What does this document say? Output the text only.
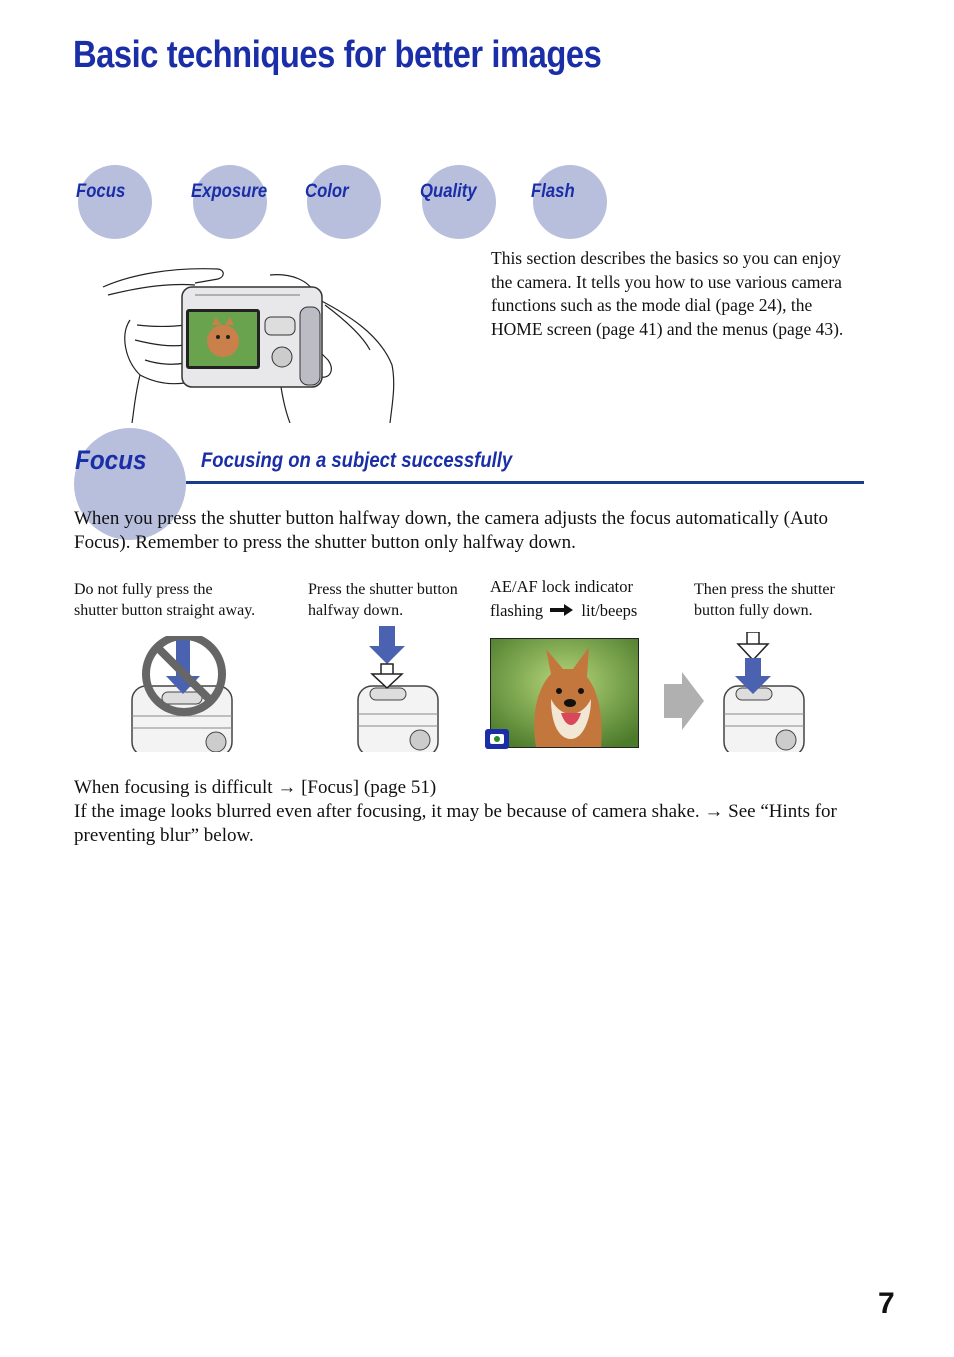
Basic techniques for better images
Focus	Exposure Color	Quality	Flash
This section describes the basics so you can enjoy the camera. It tells you how to use various camera functions such as the mode dial (page 24), the HOME screen (page 41) and the menus (page 43).
Focus	Focusing on a subject successfully
When you press the shutter button halfway down, the camera adjusts the focus automatically (Auto Focus). Remember to press the shutter button only halfway down.
Do not fully press the
shutter button straight away.
Press the shutter button
halfway down.
AE/AF lock indicator
flashing lit/beeps
Then press the shutter
button fully down.
When focusing is difficult → [Focus] (page 51)
If the image looks blurred even after focusing, it may be because of camera shake. → See “Hints for preventing blur” below.
7
